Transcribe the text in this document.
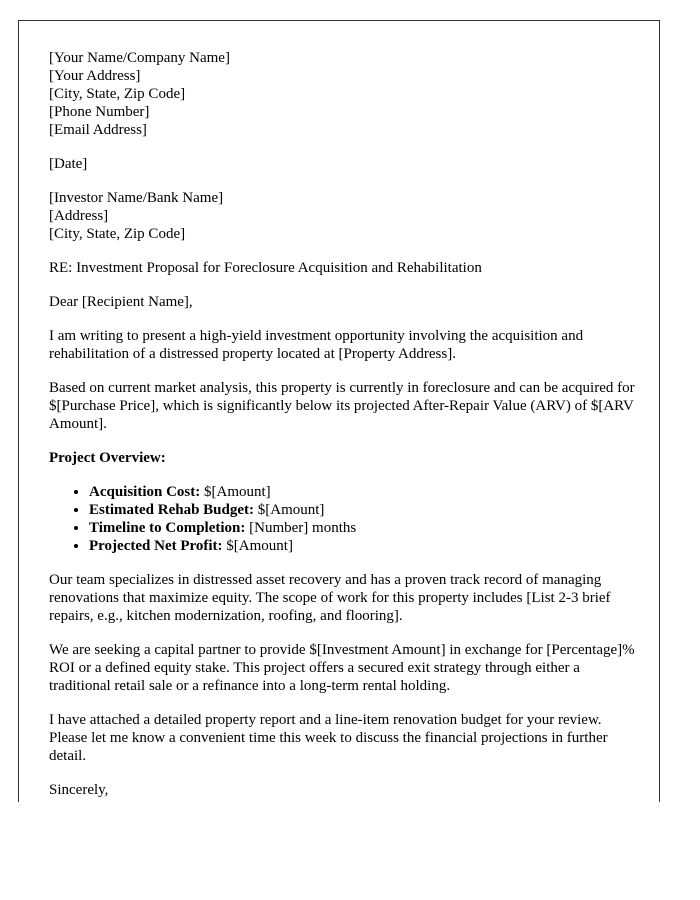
[Your Name/Company Name]
[Your Address]
[City, State, Zip Code]
[Phone Number]
[Email Address]

[Date]

[Investor Name/Bank Name]
[Address]
[City, State, Zip Code]

RE: Investment Proposal for Foreclosure Acquisition and Rehabilitation

Dear [Recipient Name],

I am writing to present a high-yield investment opportunity involving the acquisition and rehabilitation of a distressed property located at [Property Address].

Based on current market analysis, this property is currently in foreclosure and can be acquired for $[Purchase Price], which is significantly below its projected After-Repair Value (ARV) of $[ARV Amount].

Project Overview:

• Acquisition Cost: $[Amount]
• Estimated Rehab Budget: $[Amount]
• Timeline to Completion: [Number] months
• Projected Net Profit: $[Amount]

Our team specializes in distressed asset recovery and has a proven track record of managing renovations that maximize equity. The scope of work for this property includes [List 2-3 brief repairs, e.g., kitchen modernization, roofing, and flooring].

We are seeking a capital partner to provide $[Investment Amount] in exchange for [Percentage]% ROI or a defined equity stake. This project offers a secured exit strategy through either a traditional retail sale or a refinance into a long-term rental holding.

I have attached a detailed property report and a line-item renovation budget for your review. Please let me know a convenient time this week to discuss the financial projections in further detail.

Sincerely,
